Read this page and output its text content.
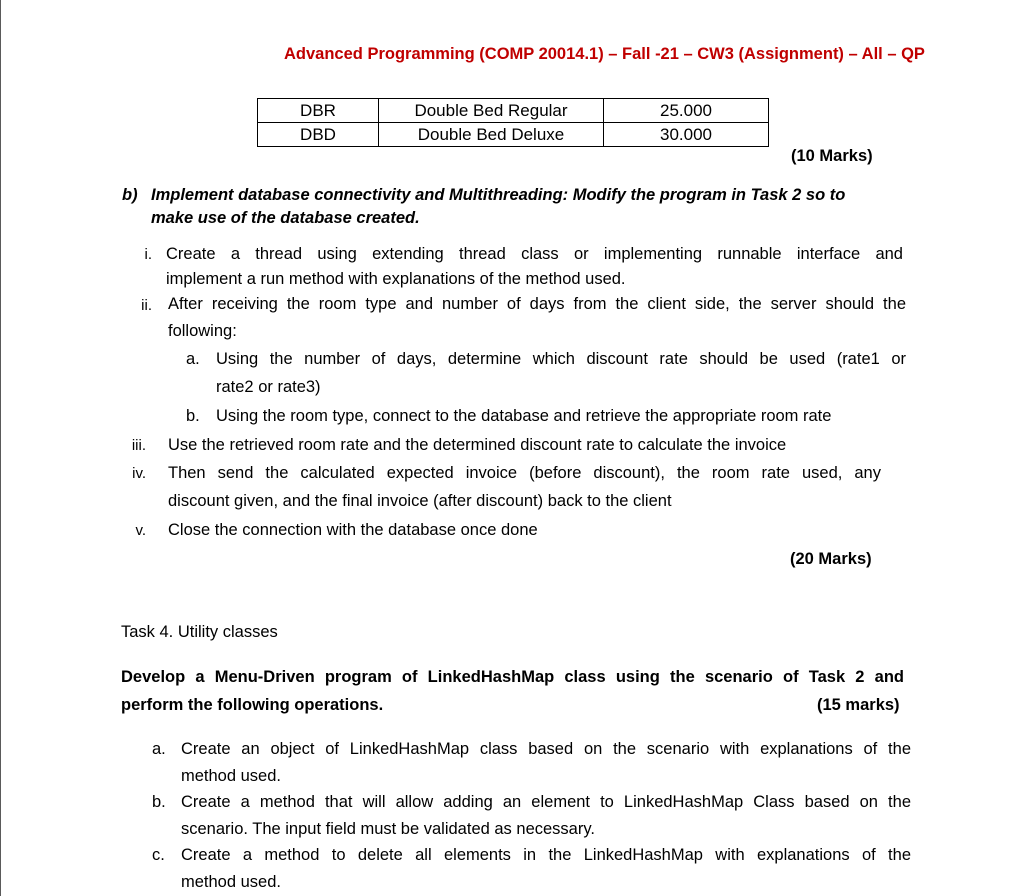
Advanced Programming (COMP 20014.1) – Fall -21 – CW3 (Assignment) – All – QP
DBR	Double Bed Regular	25.000
DBD	Double Bed Deluxe	30.000
(10 Marks)
b) Implement database connectivity and Multithreading: Modify the program in Task 2 so to
make use of the database created.
i. Create a thread using extending thread class or implementing runnable interface and
implement a run method with explanations of the method used.
ii. After receiving the room type and number of days from the client side, the server should the
following:
a. Using the number of days, determine which discount rate should be used (rate1 or
rate2 or rate3)
b. Using the room type, connect to the database and retrieve the appropriate room rate
iii. Use the retrieved room rate and the determined discount rate to calculate the invoice
iv. Then send the calculated expected invoice (before discount), the room rate used, any
discount given, and the final invoice (after discount) back to the client
v. Close the connection with the database once done
(20 Marks)
Task 4. Utility classes
Develop a Menu-Driven program of LinkedHashMap class using the scenario of Task 2 and
perform the following operations.	(15 marks)
a. Create an object of LinkedHashMap class based on the scenario with explanations of the
method used.
b. Create a method that will allow adding an element to LinkedHashMap Class based on the
scenario. The input field must be validated as necessary.
c. Create a method to delete all elements in the LinkedHashMap with explanations of the
method used.
